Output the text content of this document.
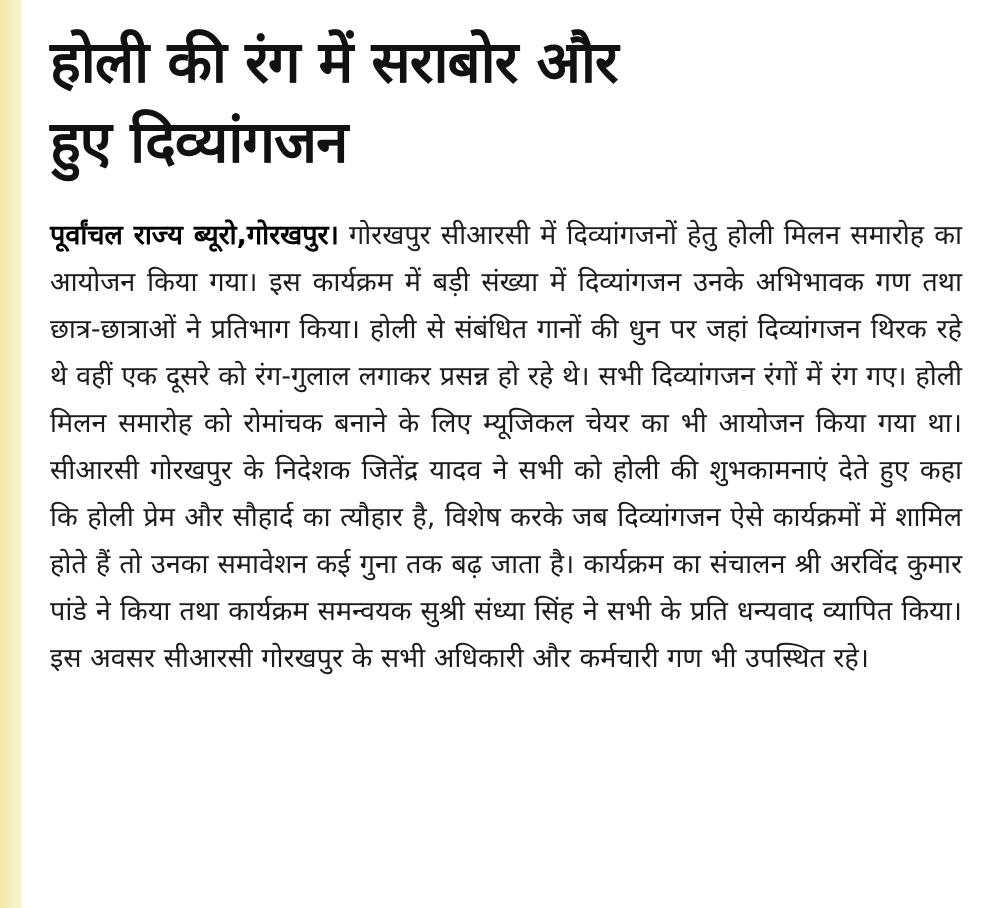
होली की रंग में सराबोर और
हुए दिव्यांगजन
पूर्वांचल राज्य ब्यूरो,गोरखपुर। गोरखपुर सीआरसी में दिव्यांगजनों हेतु होली मिलन समारोह का आयोजन किया गया। इस कार्यक्रम में बड़ी संख्या में दिव्यांगजन उनके अभिभावक गण तथा छात्र-छात्राओं ने प्रतिभाग किया। होली से संबंधित गानों की धुन पर जहां दिव्यांगजन थिरक रहे थे वहीं एक दूसरे को रंग-गुलाल लगाकर प्रसन्न हो रहे थे। सभी दिव्यांगजन रंगों में रंग गए। होली मिलन समारोह को रोमांचक बनाने के लिए म्यूजिकल चेयर का भी आयोजन किया गया था। सीआरसी गोरखपुर के निदेशक जितेंद्र यादव ने सभी को होली की शुभकामनाएं देते हुए कहा कि होली प्रेम और सौहार्द का त्यौहार है, विशेष करके जब दिव्यांगजन ऐसे कार्यक्रमों में शामिल होते हैं तो उनका समावेशन कई गुना तक बढ़ जाता है। कार्यक्रम का संचालन श्री अरविंद कुमार पांडे ने किया तथा कार्यक्रम समन्वयक सुश्री संध्या सिंह ने सभी के प्रति धन्यवाद व्यापित किया। इस अवसर सीआरसी गोरखपुर के सभी अधिकारी और कर्मचारी गण भी उपस्थित रहे।
